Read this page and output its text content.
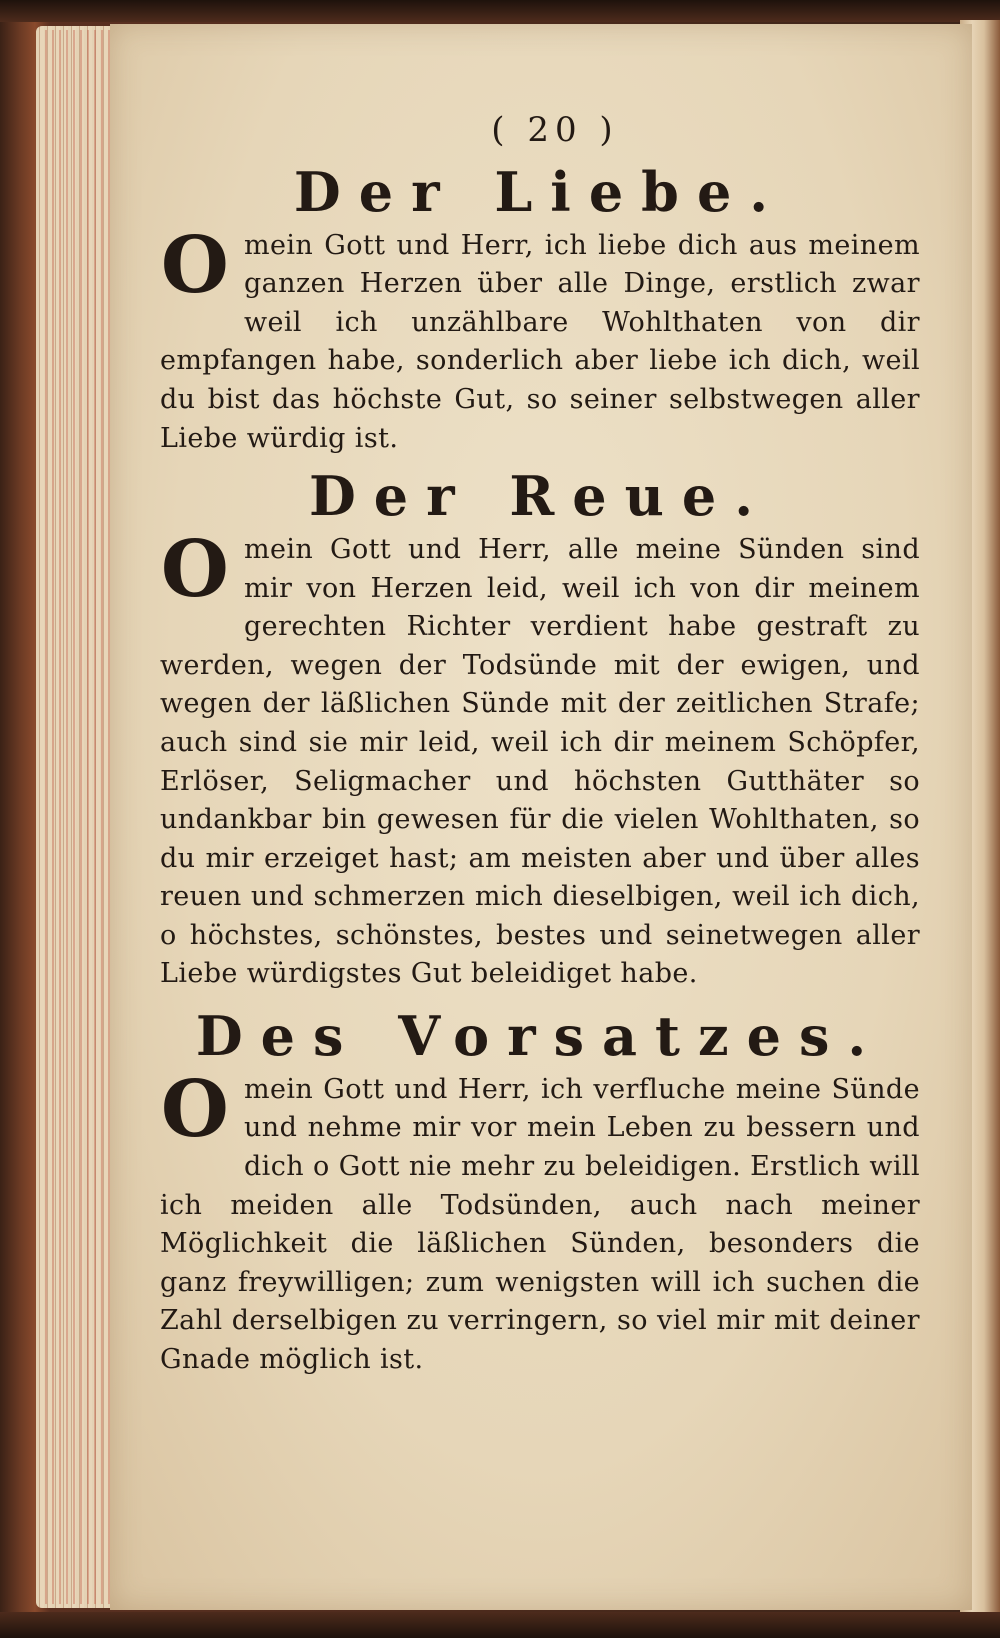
( 20 )
Der Liebe.

O mein Gott und Herr, ich liebe dich aus meinem ganzen Herzen über alle Dinge, erstlich zwar weil ich unzählbare Wohlthaten von dir empfangen habe, sonderlich aber liebe ich dich, weil du bist das höchste Gut, so seiner selbstwegen aller Liebe würdig ist.

Der Reue.

O mein Gott und Herr, alle meine Sünden sind mir von Herzen leid, weil ich von dir meinem gerechten Richter verdient habe gestraft zu werden, wegen der Todsünde mit der ewigen, und wegen der läßlichen Sünde mit der zeitlichen Strafe; auch sind sie mir leid, weil ich dir meinem Schöpfer, Erlöser, Seligmacher und höchsten Gutthäter so undankbar bin gewesen für die vielen Wohlthaten, so du mir erzeiget hast; am meisten aber und über alles reuen und schmerzen mich dieselbigen, weil ich dich, o höchstes, schönstes, bestes und seinetwegen aller Liebe würdigstes Gut beleidiget habe.

Des Vorsatzes.

O mein Gott und Herr, ich verfluche meine Sünde und nehme mir vor mein Leben zu bessern und dich o Gott nie mehr zu beleidigen. Erstlich will ich meiden alle Todsünden, auch nach meiner Möglichkeit die läßlichen Sünden, besonders die ganz freywilligen; zum wenigsten will ich suchen die Zahl derselbigen zu verringern, so viel mir mit deiner Gnade möglich ist.
